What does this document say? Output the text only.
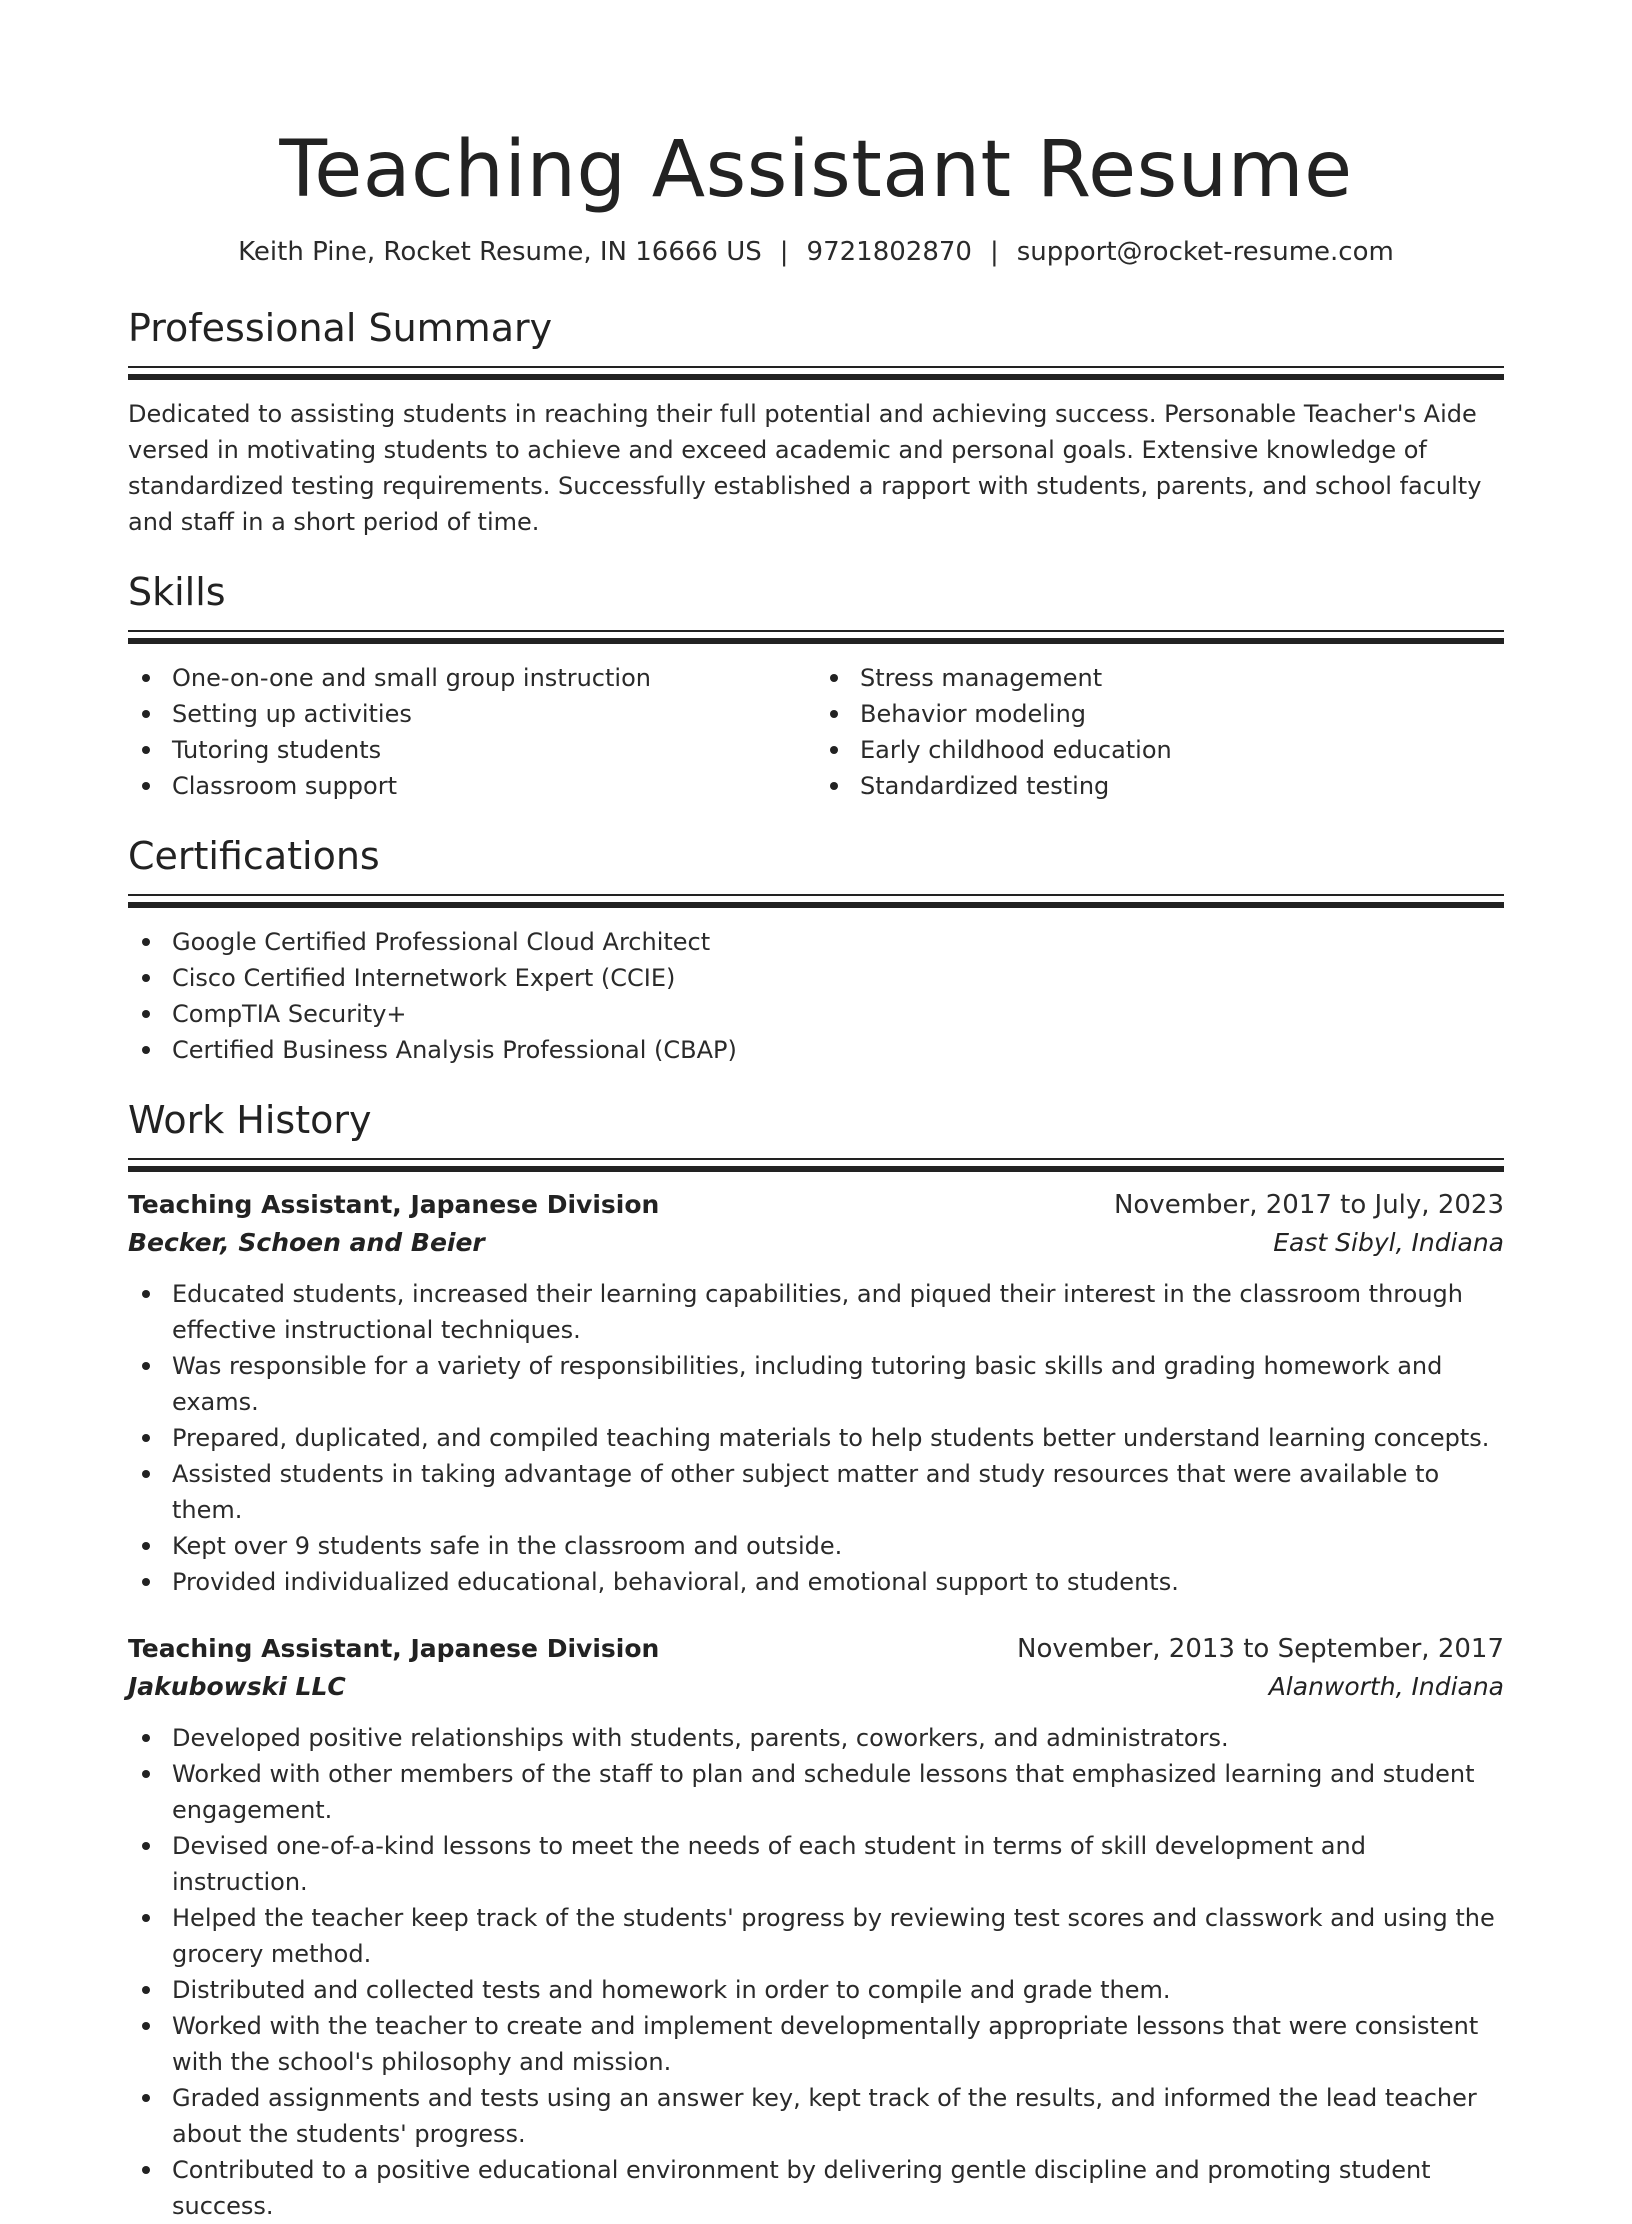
Teaching Assistant Resume
Keith Pine, Rocket Resume, IN 16666 US | 9721802870 | support@rocket-resume.com
Professional Summary

Dedicated to assisting students in reaching their full potential and achieving success. Personable Teacher's Aide versed in motivating students to achieve and exceed academic and personal goals. Extensive knowledge of standardized testing requirements. Successfully established a rapport with students, parents, and school faculty and staff in a short period of time.

Skills
One-on-one and small group instruction
Setting up activities
Tutoring students
Classroom support
Stress management
Behavior modeling
Early childhood education
Standardized testing
Certifications
Google Certified Professional Cloud Architect
Cisco Certified Internetwork Expert (CCIE)
CompTIA Security+
Certified Business Analysis Professional (CBAP)
Work History
Teaching Assistant, Japanese Division	November, 2017 to July, 2023
Becker, Schoen and Beier	East Sibyl, Indiana
Educated students, increased their learning capabilities, and piqued their interest in the classroom through effective instructional techniques.
Was responsible for a variety of responsibilities, including tutoring basic skills and grading homework and exams.
Prepared, duplicated, and compiled teaching materials to help students better understand learning concepts.
Assisted students in taking advantage of other subject matter and study resources that were available to them.
Kept over 9 students safe in the classroom and outside.
Provided individualized educational, behavioral, and emotional support to students.
Teaching Assistant, Japanese Division	November, 2013 to September, 2017
Jakubowski LLC	Alanworth, Indiana
Developed positive relationships with students, parents, coworkers, and administrators.
Worked with other members of the staff to plan and schedule lessons that emphasized learning and student engagement.
Devised one-of-a-kind lessons to meet the needs of each student in terms of skill development and instruction.
Helped the teacher keep track of the students' progress by reviewing test scores and classwork and using the grocery method.
Distributed and collected tests and homework in order to compile and grade them.
Worked with the teacher to create and implement developmentally appropriate lessons that were consistent with the school's philosophy and mission.
Graded assignments and tests using an answer key, kept track of the results, and informed the lead teacher about the students' progress.
Contributed to a positive educational environment by delivering gentle discipline and promoting student success.
